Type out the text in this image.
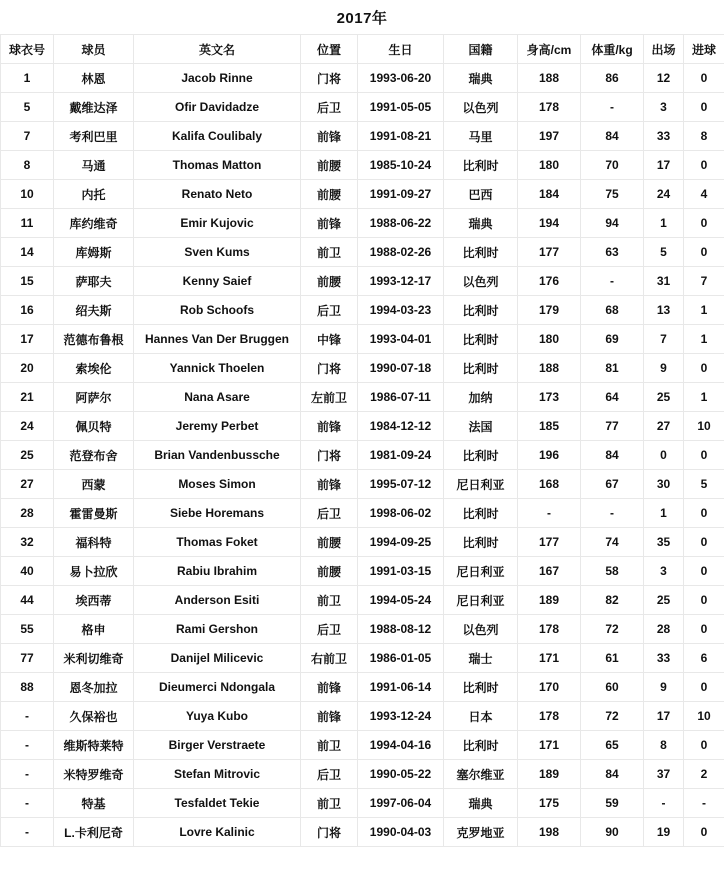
2017年
球衣号	球员	英文名	位置	生日	国籍	身高/cm	体重/kg	出场	进球
1	林恩	Jacob Rinne	门将	1993-06-20	瑞典	188	86	12	0
5	戴维达泽	Ofir Davidadze	后卫	1991-05-05	以色列	178	-	3	0
7	考利巴里	Kalifa Coulibaly	前锋	1991-08-21	马里	197	84	33	8
8	马通	Thomas Matton	前腰	1985-10-24	比利时	180	70	17	0
10	内托	Renato Neto	前腰	1991-09-27	巴西	184	75	24	4
11	库约维奇	Emir Kujovic	前锋	1988-06-22	瑞典	194	94	1	0
14	库姆斯	Sven Kums	前卫	1988-02-26	比利时	177	63	5	0
15	萨耶夫	Kenny Saief	前腰	1993-12-17	以色列	176	-	31	7
16	绍夫斯	Rob Schoofs	后卫	1994-03-23	比利时	179	68	13	1
17	范德布鲁根	Hannes Van Der Bruggen	中锋	1993-04-01	比利时	180	69	7	1
20	索埃伦	Yannick Thoelen	门将	1990-07-18	比利时	188	81	9	0
21	阿萨尔	Nana Asare	左前卫	1986-07-11	加纳	173	64	25	1
24	佩贝特	Jeremy Perbet	前锋	1984-12-12	法国	185	77	27	10
25	范登布舍	Brian Vandenbussche	门将	1981-09-24	比利时	196	84	0	0
27	西蒙	Moses Simon	前锋	1995-07-12	尼日利亚	168	67	30	5
28	霍雷曼斯	Siebe Horemans	后卫	1998-06-02	比利时	-	-	1	0
32	福科特	Thomas Foket	前腰	1994-09-25	比利时	177	74	35	0
40	易卜拉欣	Rabiu Ibrahim	前腰	1991-03-15	尼日利亚	167	58	3	0
44	埃西蒂	Anderson Esiti	前卫	1994-05-24	尼日利亚	189	82	25	0
55	格申	Rami Gershon	后卫	1988-08-12	以色列	178	72	28	0
77	米利切维奇	Danijel Milicevic	右前卫	1986-01-05	瑞士	171	61	33	6
88	恩冬加拉	Dieumerci Ndongala	前锋	1991-06-14	比利时	170	60	9	0
-	久保裕也	Yuya Kubo	前锋	1993-12-24	日本	178	72	17	10
-	维斯特莱特	Birger Verstraete	前卫	1994-04-16	比利时	171	65	8	0
-	米特罗维奇	Stefan Mitrovic	后卫	1990-05-22	塞尔维亚	189	84	37	2
-	特基	Tesfaldet Tekie	前卫	1997-06-04	瑞典	175	59	-	-
-	L.卡利尼奇	Lovre Kalinic	门将	1990-04-03	克罗地亚	198	90	19	0
